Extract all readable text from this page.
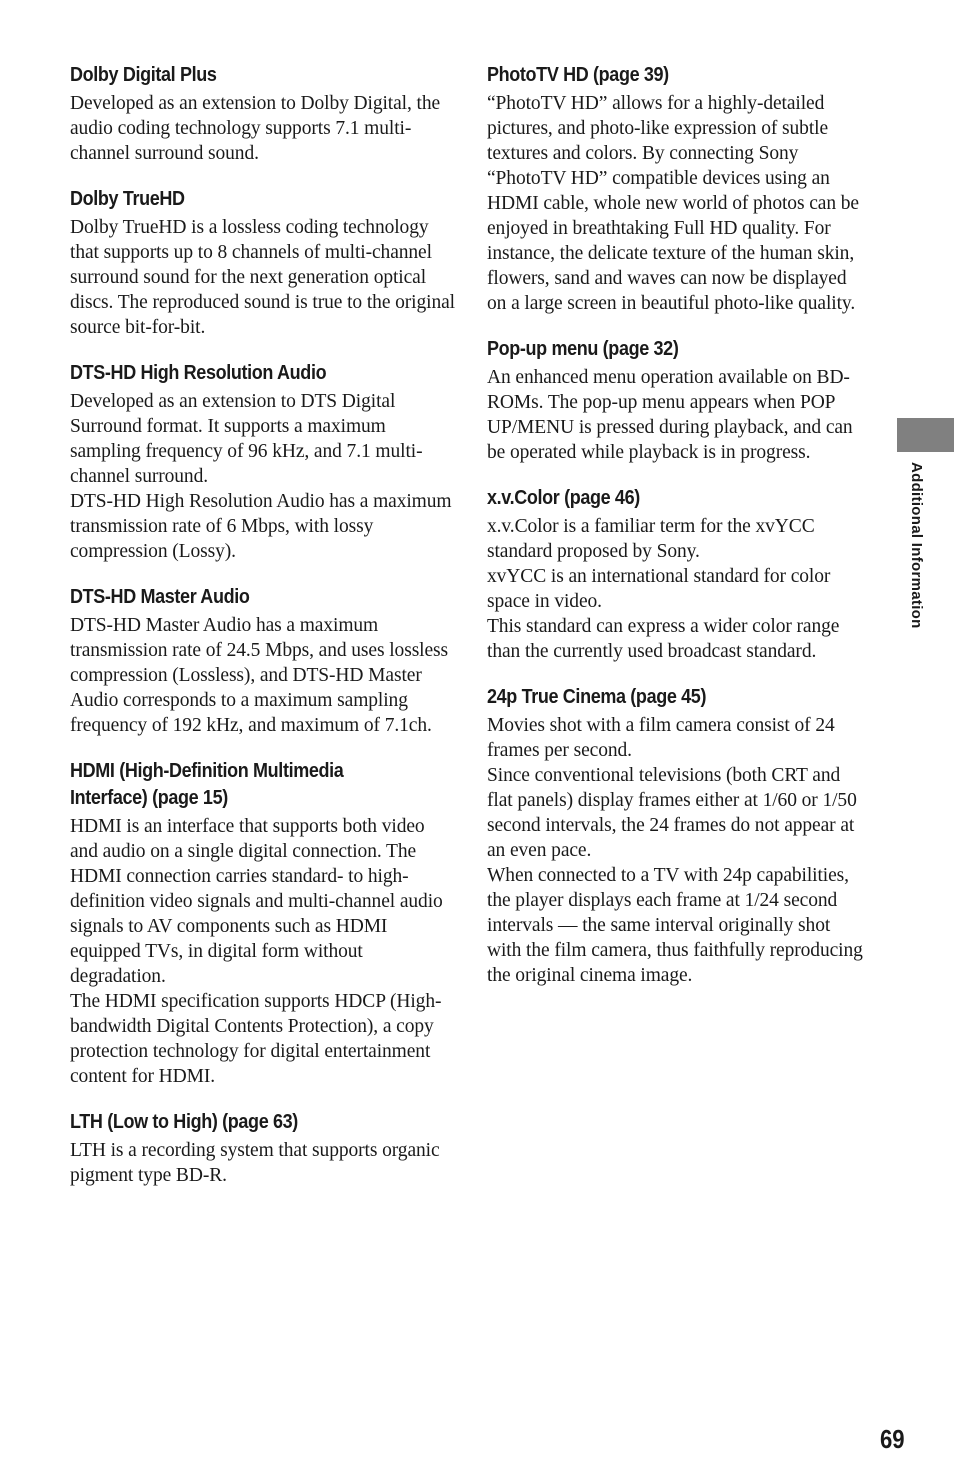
Dolby Digital Plus

Developed as an extension to Dolby Digital, the audio coding technology supports 7.1 multi-channel surround sound.

Dolby TrueHD

Dolby TrueHD is a lossless coding technology that supports up to 8 channels of multi-channel surround sound for the next generation optical discs. The reproduced sound is true to the original source bit-for-bit.

DTS-HD High Resolution Audio

Developed as an extension to DTS Digital Surround format. It supports a maximum sampling frequency of 96 kHz, and 7.1 multi-channel surround.

DTS-HD High Resolution Audio has a maximum transmission rate of 6 Mbps, with lossy compression (Lossy).

DTS-HD Master Audio

DTS-HD Master Audio has a maximum transmission rate of 24.5 Mbps, and uses lossless compression (Lossless), and DTS-HD Master Audio corresponds to a maximum sampling frequency of 192 kHz, and maximum of 7.1ch.

HDMI (High-Definition Multimedia
Interface) (page 15)

HDMI is an interface that supports both video and audio on a single digital connection. The HDMI connection carries standard- to high-definition video signals and multi-channel audio signals to AV components such as HDMI equipped TVs, in digital form without degradation.

The HDMI specification supports HDCP (High-bandwidth Digital Contents Protection), a copy protection technology for digital entertainment content for HDMI.

LTH (Low to High) (page 63)

LTH is a recording system that supports organic pigment type BD-R.

PhotoTV HD (page 39)

“PhotoTV HD” allows for a highly-detailed pictures, and photo-like expression of subtle textures and colors. By connecting Sony “PhotoTV HD” compatible devices using an HDMI cable, whole new world of photos can be enjoyed in breathtaking Full HD quality. For instance, the delicate texture of the human skin, flowers, sand and waves can now be displayed on a large screen in beautiful photo-like quality.

Pop-up menu (page 32)

An enhanced menu operation available on BD-ROMs. The pop-up menu appears when POP UP/MENU is pressed during playback, and can be operated while playback is in progress.

x.v.Color (page 46)

x.v.Color is a familiar term for the xvYCC standard proposed by Sony.

xvYCC is an international standard for color space in video.

This standard can express a wider color range than the currently used broadcast standard.

24p True Cinema (page 45)

Movies shot with a film camera consist of 24 frames per second.

Since conventional televisions (both CRT and flat panels) display frames either at 1/60 or 1/50 second intervals, the 24 frames do not appear at an even pace.

When connected to a TV with 24p capabilities, the player displays each frame at 1/24 second intervals — the same interval originally shot with the film camera, thus faithfully reproducing the original cinema image.

Additional Information
69
